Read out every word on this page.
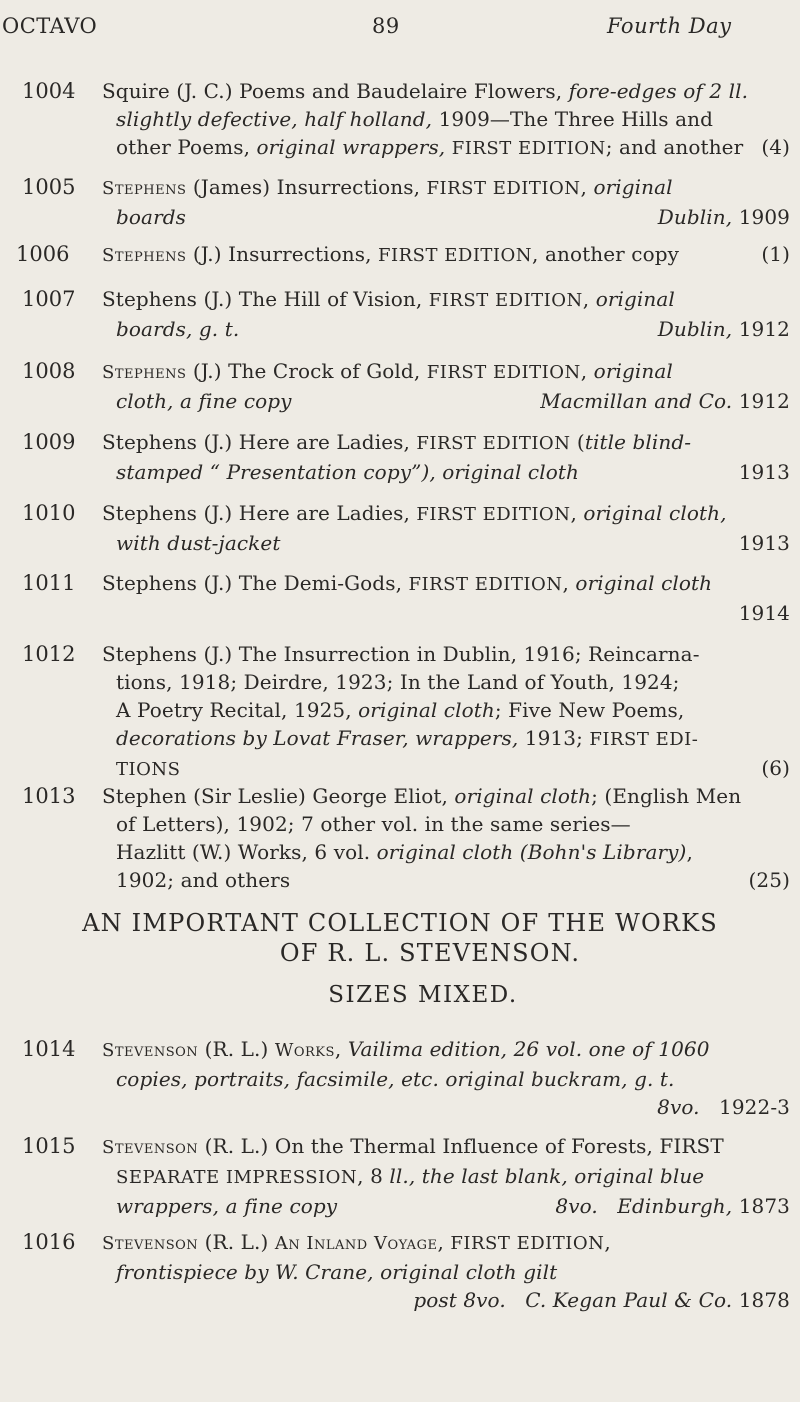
OCTAVO	89	Fourth Day
1004 Squire (J. C.) Poems and Baudelaire Flowers, fore-edges of 2 ll.
slightly defective, half holland, 1909—The Three Hills and
other Poems, original wrappers, FIRST EDITION; and another (4)
1005 Stephens (James) Insurrections, FIRST EDITION, original
boards	Dublin, 1909
1006 Stephens (J.) Insurrections, FIRST EDITION, another copy	(1)
1007 Stephens (J.) The Hill of Vision, FIRST EDITION, original
boards, g. t.	Dublin, 1912
1008 Stephens (J.) The Crock of Gold, FIRST EDITION, original
cloth, a fine copy	Macmillan and Co. 1912
1009 Stephens (J.) Here are Ladies, FIRST EDITION (title blind-
stamped “ Presentation copy”), original cloth	1913
1010 Stephens (J.) Here are Ladies, FIRST EDITION, original cloth,
with dust-jacket	1913
1011 Stephens (J.) The Demi-Gods, FIRST EDITION, original cloth
1914
1012 Stephens (J.) The Insurrection in Dublin, 1916; Reincarna-
tions, 1918; Deirdre, 1923; In the Land of Youth, 1924;
A Poetry Recital, 1925, original cloth; Five New Poems,
decorations by Lovat Fraser, wrappers, 1913; FIRST EDI-
TIONS	(6)
1013 Stephen (Sir Leslie) George Eliot, original cloth; (English Men
of Letters), 1902; 7 other vol. in the same series—
Hazlitt (W.) Works, 6 vol. original cloth (Bohn's Library),
1902; and others	(25)
AN IMPORTANT COLLECTION OF THE WORKS
OF R. L. STEVENSON.
SIZES MIXED.
1014 Stevenson (R. L.) Works, Vailima edition, 26 vol. one of 1060
copies, portraits, facsimile, etc. original buckram, g. t.
8vo. 1922-3
1015 Stevenson (R. L.) On the Thermal Influence of Forests, FIRST
SEPARATE IMPRESSION, 8 ll., the last blank, original blue
wrappers, a fine copy	8vo. Edinburgh, 1873
1016 Stevenson (R. L.) An Inland Voyage, FIRST EDITION,
frontispiece by W. Crane, original cloth gilt
post 8vo. C. Kegan Paul & Co. 1878
